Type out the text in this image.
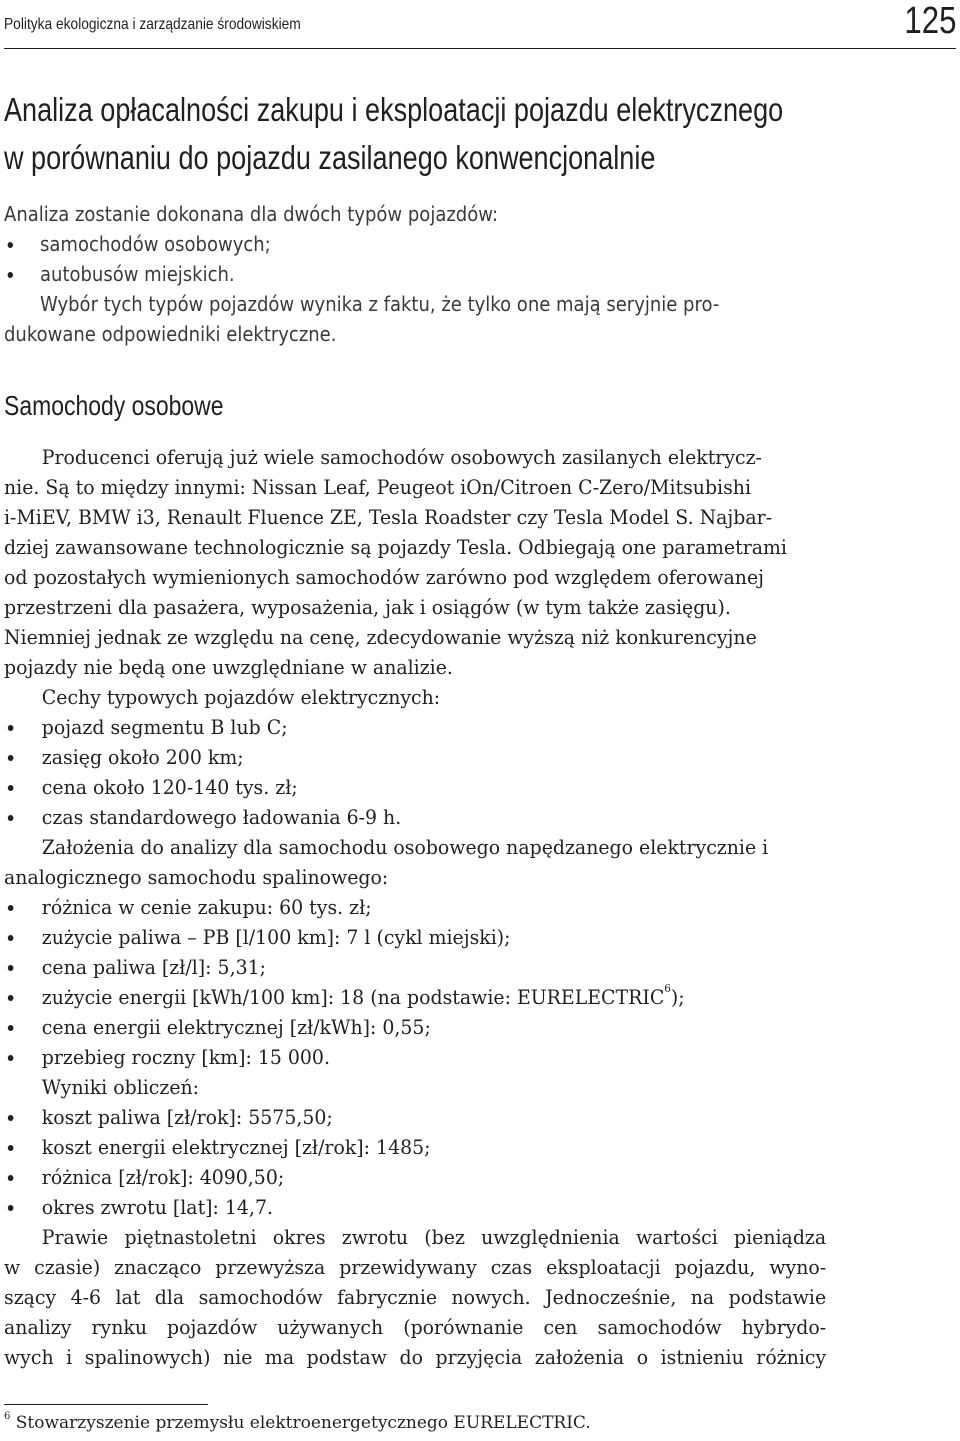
Polityka ekologiczna i zarządzanie środowiskiem	125
Analiza opłacalności zakupu i eksploatacji pojazdu elektrycznego
w porównaniu do pojazdu zasilanego konwencjonalnie
Analiza zostanie dokonana dla dwóch typów pojazdów:
samochodów osobowych;
autobusów miejskich.
Wybór tych typów pojazdów wynika z faktu, że tylko one mają seryjnie pro-
dukowane odpowiedniki elektryczne.
Samochody osobowe
Producenci oferują już wiele samochodów osobowych zasilanych elektrycz-
nie. Są to między innymi: Nissan Leaf, Peugeot iOn/Citroen C-Zero/Mitsubishi
i-MiEV, BMW i3, Renault Fluence ZE, Tesla Roadster czy Tesla Model S. Najbar-
dziej zawansowane technologicznie są pojazdy Tesla. Odbiegają one parametrami
od pozostałych wymienionych samochodów zarówno pod względem oferowanej
przestrzeni dla pasażera, wyposażenia, jak i osiągów (w tym także zasięgu).
Niemniej jednak ze względu na cenę, zdecydowanie wyższą niż konkurencyjne
pojazdy nie będą one uwzględniane w analizie.
Cechy typowych pojazdów elektrycznych:
pojazd segmentu B lub C;
zasięg około 200 km;
cena około 120-140 tys. zł;
czas standardowego ładowania 6-9 h.
Założenia do analizy dla samochodu osobowego napędzanego elektrycznie i
analogicznego samochodu spalinowego:
różnica w cenie zakupu: 60 tys. zł;
zużycie paliwa – PB [l/100 km]: 7 l (cykl miejski);
cena paliwa [zł/l]: 5,31;
zużycie energii [kWh/100 km]: 18 (na podstawie: EURELECTRIC$^6$);
cena energii elektrycznej [zł/kWh]: 0,55;
przebieg roczny [km]: 15 000.
Wyniki obliczeń:
koszt paliwa [zł/rok]: 5575,50;
koszt energii elektrycznej [zł/rok]: 1485;
różnica [zł/rok]: 4090,50;
okres zwrotu [lat]: 14,7.
Prawie piętnastoletni okres zwrotu (bez uwzględnienia wartości pieniądza
w czasie) znacząco przewyższa przewidywany czas eksploatacji pojazdu, wyno-
szący 4-6 lat dla samochodów fabrycznie nowych. Jednocześnie, na podstawie
analizy rynku pojazdów używanych (porównanie cen samochodów hybrydo-
wych i spalinowych) nie ma podstaw do przyjęcia założenia o istnieniu różnicy
$^6$ Stowarzyszenie przemysłu elektroenergetycznego EURELECTRIC.
